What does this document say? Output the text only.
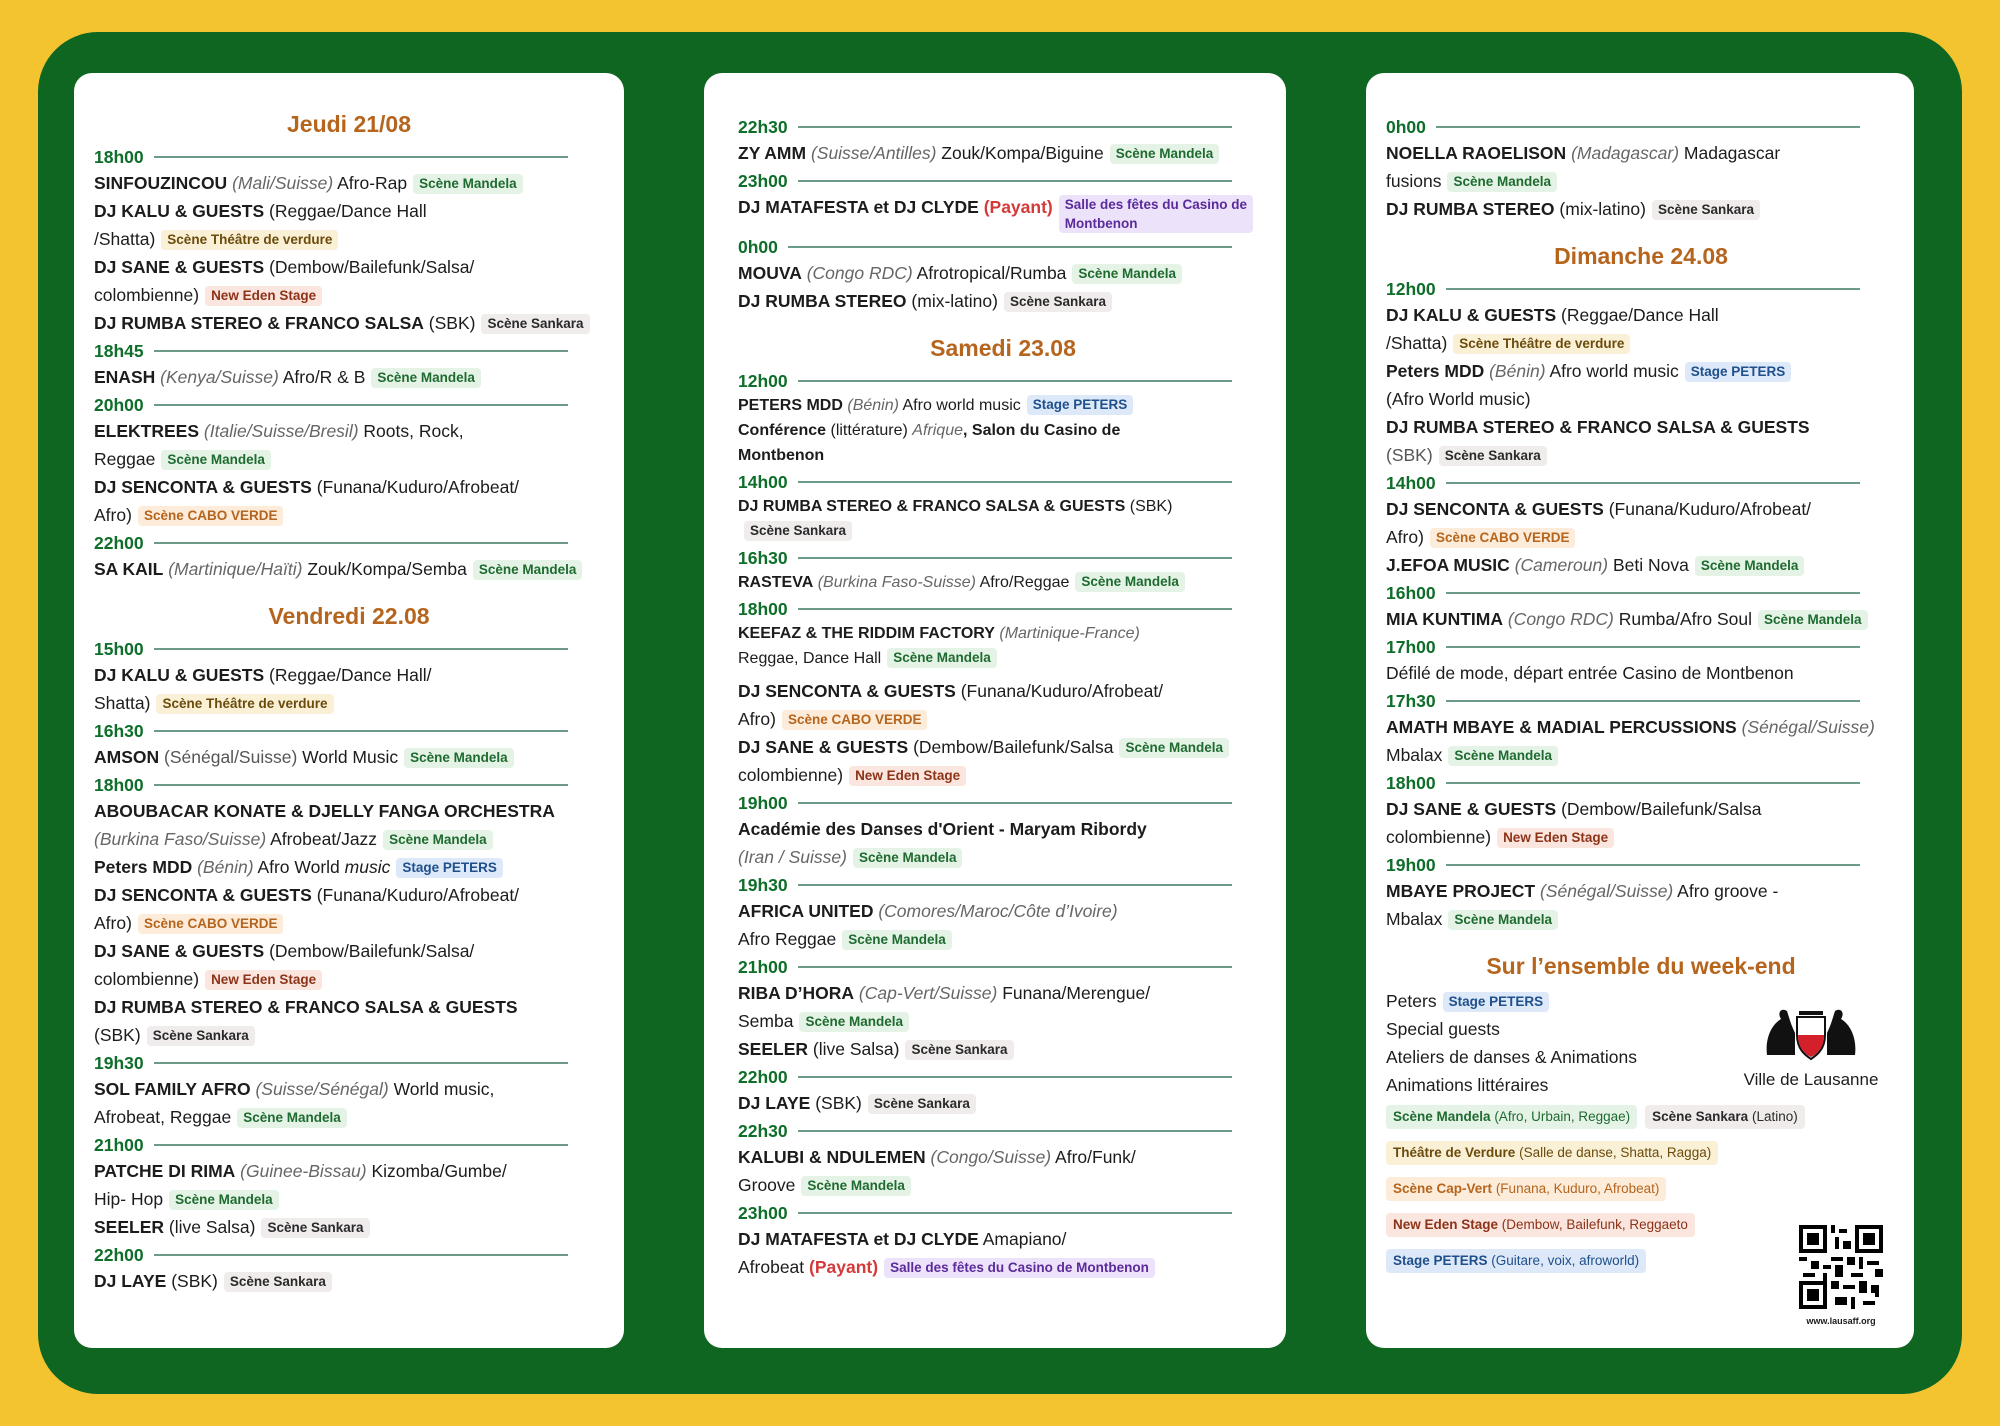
Jeudi 21/08
18h00

SINFOUZINCOU (Mali/Suisse) Afro-Rap Scène Mandela

DJ KALU & GUESTS (Reggae/Dance Hall
/Shatta) Scène Théâtre de verdure

DJ SANE & GUESTS (Dembow/Bailefunk/Salsa/
colombienne) New Eden Stage

DJ RUMBA STEREO & FRANCO SALSA (SBK) Scène Sankara

18h45

ENASH (Kenya/Suisse) Afro/R & B Scène Mandela

20h00

ELEKTREES (Italie/Suisse/Bresil) Roots, Rock,
Reggae Scène Mandela

DJ SENCONTA & GUESTS (Funana/Kuduro/Afrobeat/
Afro) Scène CABO VERDE

22h00

SA KAIL (Martinique/Haïti) Zouk/Kompa/Semba Scène Mandela

Vendredi 22.08
15h00

DJ KALU & GUESTS (Reggae/Dance Hall/
Shatta) Scène Théâtre de verdure

16h30

AMSON (Sénégal/Suisse) World Music Scène Mandela

18h00

ABOUBACAR KONATE & DJELLY FANGA ORCHESTRA
(Burkina Faso/Suisse) Afrobeat/Jazz Scène Mandela

Peters MDD (Bénin) Afro World music Stage PETERS

DJ SENCONTA & GUESTS (Funana/Kuduro/Afrobeat/
Afro) Scène CABO VERDE

DJ SANE & GUESTS (Dembow/Bailefunk/Salsa/
colombienne) New Eden Stage

DJ RUMBA STEREO & FRANCO SALSA & GUESTS
(SBK) Scène Sankara

19h30

SOL FAMILY AFRO (Suisse/Sénégal) World music,
Afrobeat, Reggae Scène Mandela

21h00

PATCHE DI RIMA (Guinee-Bissau) Kizomba/Gumbe/
Hip- Hop Scène Mandela

SEELER (live Salsa) Scène Sankara

22h00

DJ LAYE (SBK) Scène Sankara

22h30

ZY AMM (Suisse/Antilles) Zouk/Kompa/Biguine Scène Mandela

23h00

DJ MATAFESTA et DJ CLYDE (Payant) Salle des fêtes du Casino de
Montbenon

0h00

MOUVA (Congo RDC) Afrotropical/Rumba Scène Mandela

DJ RUMBA STEREO (mix-latino) Scène Sankara

Samedi 23.08
12h00

PETERS MDD (Bénin) Afro world music Stage PETERS

Conférence (littérature) Afrique, Salon du Casino de
Montbenon

14h00

DJ RUMBA STEREO & FRANCO SALSA & GUESTS (SBK)Scène Sankara

16h30

RASTEVA (Burkina Faso-Suisse) Afro/Reggae Scène Mandela

18h00

KEEFAZ & THE RIDDIM FACTORY (Martinique-France)
Reggae, Dance Hall Scène Mandela

DJ SENCONTA & GUESTS (Funana/Kuduro/Afrobeat/
Afro) Scène CABO VERDE

DJ SANE & GUESTS (Dembow/Bailefunk/Salsa Scène Mandela
colombienne) New Eden Stage

19h00

Académie des Danses d'Orient - Maryam Ribordy
(Iran / Suisse) Scène Mandela

19h30

AFRICA UNITED (Comores/Maroc/Côte d’Ivoire)
Afro Reggae Scène Mandela

21h00

RIBA D’HORA (Cap-Vert/Suisse) Funana/Merengue/
Semba Scène Mandela

SEELER (live Salsa) Scène Sankara

22h00

DJ LAYE (SBK) Scène Sankara

22h30

KALUBI & NDULEMEN (Congo/Suisse) Afro/Funk/
Groove Scène Mandela

23h00

DJ MATAFESTA et DJ CLYDE Amapiano/
Afrobeat (Payant) Salle des fêtes du Casino de Montbenon

0h00

NOELLA RAOELISON (Madagascar) Madagascar
fusions Scène Mandela

DJ RUMBA STEREO (mix-latino) Scène Sankara

Dimanche 24.08
12h00

DJ KALU & GUESTS (Reggae/Dance Hall
/Shatta) Scène Théâtre de verdure

Peters MDD (Bénin) Afro world music Stage PETERS
(Afro World music)

DJ RUMBA STEREO & FRANCO SALSA & GUESTS
(SBK) Scène Sankara

14h00

DJ SENCONTA & GUESTS (Funana/Kuduro/Afrobeat/
Afro) Scène CABO VERDE

J.EFOA MUSIC (Cameroun) Beti Nova Scène Mandela

16h00

MIA KUNTIMA (Congo RDC) Rumba/Afro Soul Scène Mandela

17h00

Défilé de mode, départ entrée Casino de Montbenon

17h30

AMATH MBAYE & MADIAL PERCUSSIONS (Sénégal/Suisse)
Mbalax Scène Mandela

18h00

DJ SANE & GUESTS (Dembow/Bailefunk/Salsa
colombienne) New Eden Stage

19h00

MBAYE PROJECT (Sénégal/Suisse) Afro groove -
Mbalax Scène Mandela

Sur l’ensemble du week-end

Peters Stage PETERS

Special guests

Ateliers de danses & Animations

Animations littéraires	Ville de Lausanne
Scène Mandela (Afro, Urbain, Reggae) Scène Sankara (Latino)
Théâtre de Verdure (Salle de danse, Shatta, Ragga)
Scène Cap-Vert (Funana, Kuduro, Afrobeat)
New Eden Stage (Dembow, Bailefunk, Reggaeto
Stage PETERS (Guitare, voix, afroworld)
www.lausaff.org
